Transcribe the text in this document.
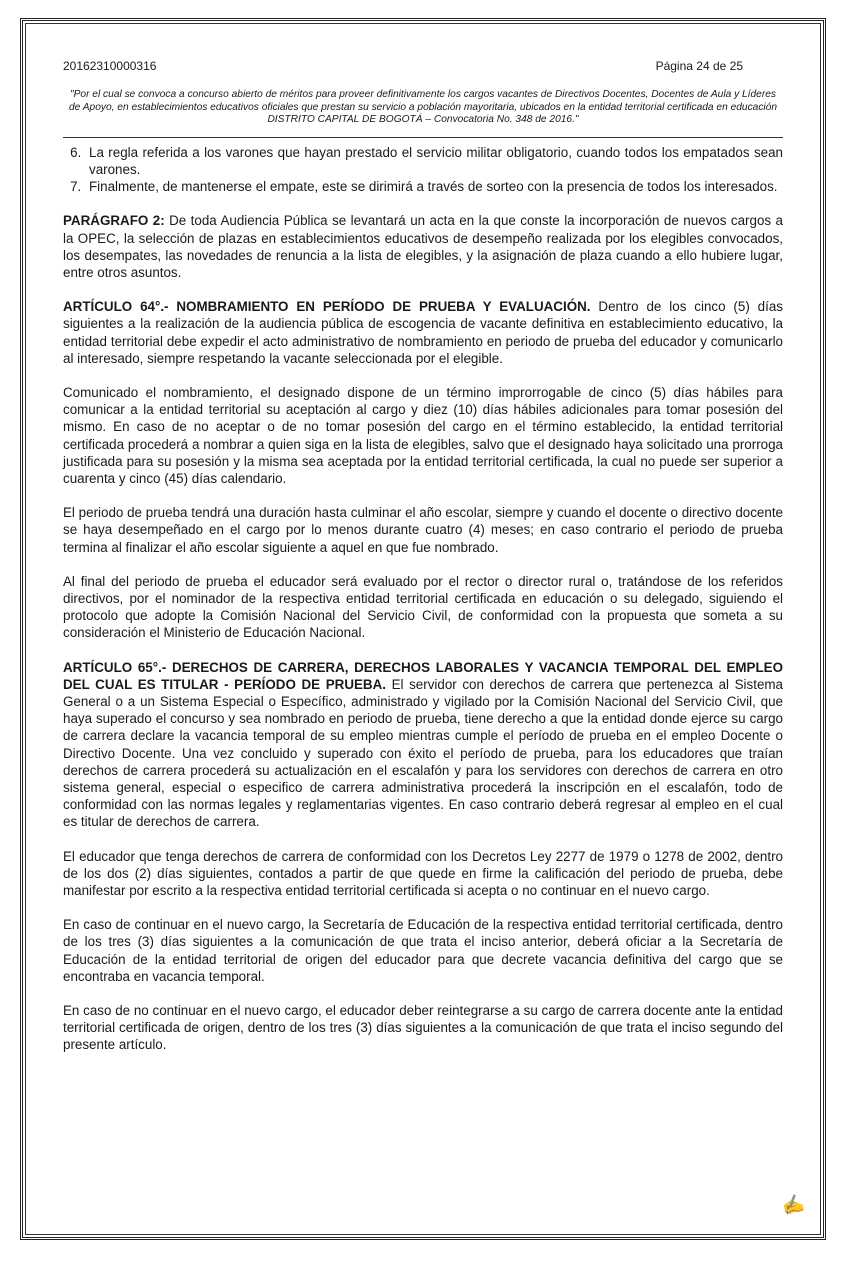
20162310000316	Página 24 de 25
"Por el cual se convoca a concurso abierto de méritos para proveer definitivamente los cargos vacantes de Directivos Docentes, Docentes de Aula y Líderes de Apoyo, en establecimientos educativos oficiales que prestan su servicio a población mayoritaria, ubicados en la entidad territorial certificada en educación DISTRITO CAPITAL DE BOGOTÁ – Convocatoria No. 348 de 2016."
6. La regla referida a los varones que hayan prestado el servicio militar obligatorio, cuando todos los empatados sean varones.
7. Finalmente, de mantenerse el empate, este se dirimirá a través de sorteo con la presencia de todos los interesados.

PARÁGRAFO 2: De toda Audiencia Pública se levantará un acta en la que conste la incorporación de nuevos cargos a la OPEC, la selección de plazas en establecimientos educativos de desempeño realizada por los elegibles convocados, los desempates, las novedades de renuncia a la lista de elegibles, y la asignación de plaza cuando a ello hubiere lugar, entre otros asuntos.

ARTÍCULO 64°.- NOMBRAMIENTO EN PERÍODO DE PRUEBA Y EVALUACIÓN. Dentro de los cinco (5) días siguientes a la realización de la audiencia pública de escogencia de vacante definitiva en establecimiento educativo, la entidad territorial debe expedir el acto administrativo de nombramiento en periodo de prueba del educador y comunicarlo al interesado, siempre respetando la vacante seleccionada por el elegible.

Comunicado el nombramiento, el designado dispone de un término improrrogable de cinco (5) días hábiles para comunicar a la entidad territorial su aceptación al cargo y diez (10) días hábiles adicionales para tomar posesión del mismo. En caso de no aceptar o de no tomar posesión del cargo en el término establecido, la entidad territorial certificada procederá a nombrar a quien siga en la lista de elegibles, salvo que el designado haya solicitado una prorroga justificada para su posesión y la misma sea aceptada por la entidad territorial certificada, la cual no puede ser superior a cuarenta y cinco (45) días calendario.

El periodo de prueba tendrá una duración hasta culminar el año escolar, siempre y cuando el docente o directivo docente se haya desempeñado en el cargo por lo menos durante cuatro (4) meses; en caso contrario el periodo de prueba termina al finalizar el año escolar siguiente a aquel en que fue nombrado.

Al final del periodo de prueba el educador será evaluado por el rector o director rural o, tratándose de los referidos directivos, por el nominador de la respectiva entidad territorial certificada en educación o su delegado, siguiendo el protocolo que adopte la Comisión Nacional del Servicio Civil, de conformidad con la propuesta que someta a su consideración el Ministerio de Educación Nacional.

ARTÍCULO 65°.- DERECHOS DE CARRERA, DERECHOS LABORALES Y VACANCIA TEMPORAL DEL EMPLEO DEL CUAL ES TITULAR - PERÍODO DE PRUEBA. El servidor con derechos de carrera que pertenezca al Sistema General o a un Sistema Especial o Específico, administrado y vigilado por la Comisión Nacional del Servicio Civil, que haya superado el concurso y sea nombrado en periodo de prueba, tiene derecho a que la entidad donde ejerce su cargo de carrera declare la vacancia temporal de su empleo mientras cumple el período de prueba en el empleo Docente o Directivo Docente. Una vez concluido y superado con éxito el período de prueba, para los educadores que traían derechos de carrera procederá su actualización en el escalafón y para los servidores con derechos de carrera en otro sistema general, especial o especifico de carrera administrativa procederá la inscripción en el escalafón, todo de conformidad con las normas legales y reglamentarias vigentes. En caso contrario deberá regresar al empleo en el cual es titular de derechos de carrera.

El educador que tenga derechos de carrera de conformidad con los Decretos Ley 2277 de 1979 o 1278 de 2002, dentro de los dos (2) días siguientes, contados a partir de que quede en firme la calificación del periodo de prueba, debe manifestar por escrito a la respectiva entidad territorial certificada si acepta o no continuar en el nuevo cargo.

En caso de continuar en el nuevo cargo, la Secretaría de Educación de la respectiva entidad territorial certificada, dentro de los tres (3) días siguientes a la comunicación de que trata el inciso anterior, deberá oficiar a la Secretaría de Educación de la entidad territorial de origen del educador para que decrete vacancia definitiva del cargo que se encontraba en vacancia temporal.

En caso de no continuar en el nuevo cargo, el educador deber reintegrarse a su cargo de carrera docente ante la entidad territorial certificada de origen, dentro de los tres (3) días siguientes a la comunicación de que trata el inciso segundo del presente artículo.

✍
